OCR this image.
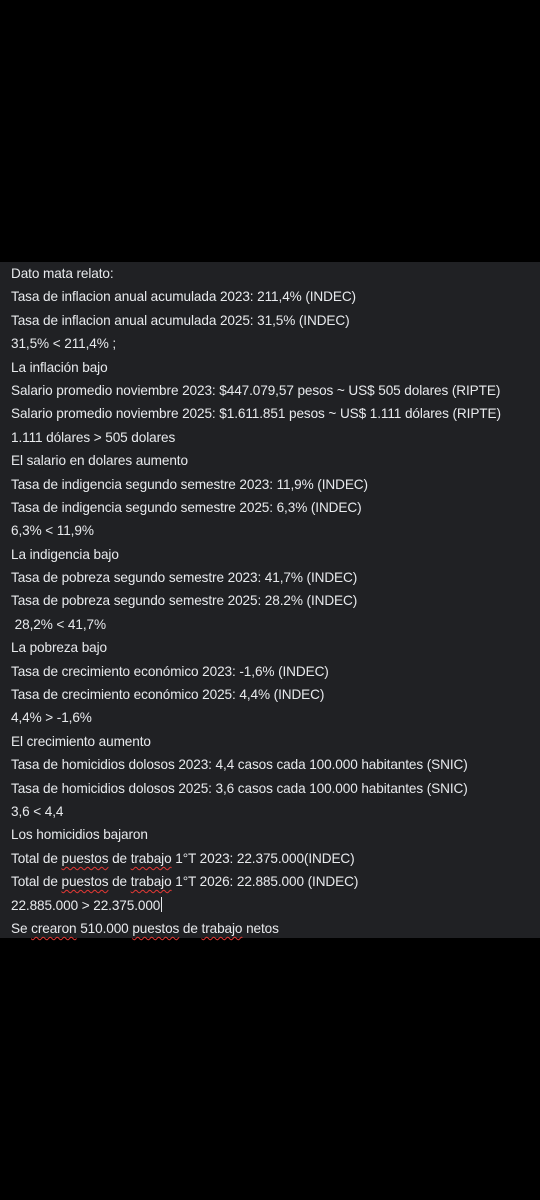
Dato mata relato:

Tasa de inflacion anual acumulada 2023: 211,4% (INDEC)

Tasa de inflacion anual acumulada 2025: 31,5% (INDEC)

31,5% < 211,4% ;

La inflación bajo

Salario promedio noviembre 2023: $447.079,57 pesos ~ US$ 505 dolares (RIPTE)

Salario promedio noviembre 2025: $1.611.851 pesos ~ US$ 1.111 dólares (RIPTE)

1.111 dólares > 505 dolares

El salario en dolares aumento

Tasa de indigencia segundo semestre 2023: 11,9% (INDEC)

Tasa de indigencia segundo semestre 2025: 6,3% (INDEC)

6,3% < 11,9%

La indigencia bajo

Tasa de pobreza segundo semestre 2023: 41,7% (INDEC)

Tasa de pobreza segundo semestre 2025: 28.2% (INDEC)

28,2% < 41,7%

La pobreza bajo

Tasa de crecimiento económico 2023: -1,6% (INDEC)

Tasa de crecimiento económico 2025: 4,4% (INDEC)

4,4% > -1,6%

El crecimiento aumento

Tasa de homicidios dolosos 2023: 4,4 casos cada 100.000 habitantes (SNIC)

Tasa de homicidios dolosos 2025: 3,6 casos cada 100.000 habitantes (SNIC)

3,6 < 4,4

Los homicidios bajaron

Total de puestos de trabajo 1°T 2023: 22.375.000(INDEC)

Total de puestos de trabajo 1°T 2026: 22.885.000 (INDEC)

22.885.000 > 22.375.000

Se crearon 510.000 puestos de trabajo netos
